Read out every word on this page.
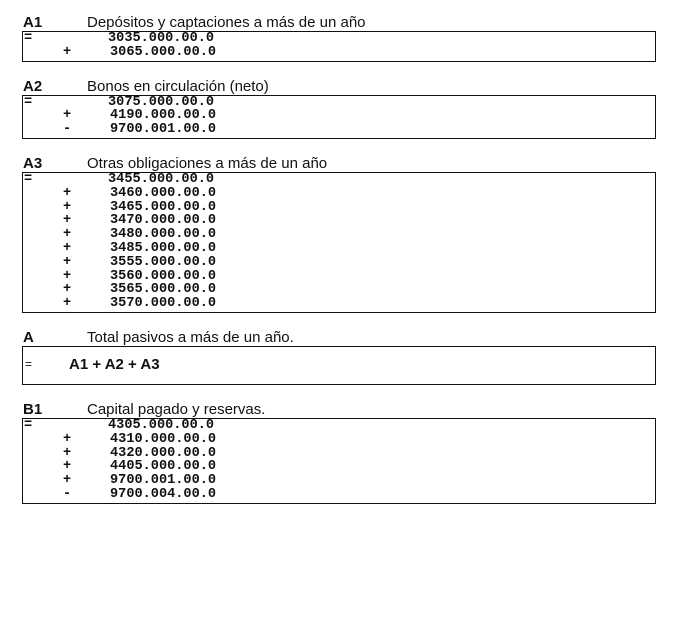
A1	Depósitos y captaciones a más de un año
=	3035.000.00.0
+	3065.000.00.0
A2	Bonos en circulación (neto)
=	3075.000.00.0
+	4190.000.00.0
-	9700.001.00.0
A3	Otras obligaciones a más de un año
=	3455.000.00.0
+	3460.000.00.0
+	3465.000.00.0
+	3470.000.00.0
+	3480.000.00.0
+	3485.000.00.0
+	3555.000.00.0
+	3560.000.00.0
+	3565.000.00.0
+	3570.000.00.0
A	Total pasivos a más de un año.
=	A1 + A2 + A3
B1	Capital pagado y reservas.
=	4305.000.00.0
+	4310.000.00.0
+	4320.000.00.0
+	4405.000.00.0
+	9700.001.00.0
-	9700.004.00.0
